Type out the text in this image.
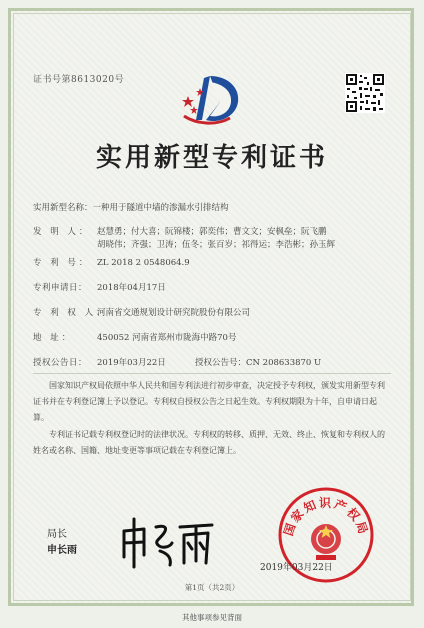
证书号第8613020号
实用新型专利证书
实用新型名称：一种用于隧道中墙的渗漏水引排结构
发 明 人： 赵慧勇；付大喜；阮锦楼；郭奕伟；曹文文；安枫垒；阮飞鹏
胡晓伟；齐强；卫涛；伍冬；张百岁；祁得运；李浩彬；孙玉辉
专 利 号： ZL 2018 2 0548064.9
专利申请日： 2018年04月17日
专 利 权 人：河南省交通规划设计研究院股份有限公司
地 址：	450052 河南省郑州市陇海中路70号
授权公告日： 2019年03月22日	授权公告号：CN 208633870 U
国家知识产权局依照中华人民共和国专利法进行初步审查，决定授予专利权，颁发实用新型专利证书并在专利登记簿上予以登记。专利权自授权公告之日起生效。专利权期限为十年，自申请日起算。
专利证书记载专利权登记时的法律状况。专利权的转移、质押、无效、终止、恢复和专利权人的姓名或名称、国籍、地址变更等事项记载在专利登记簿上。
局长
申长雨
国家知识产权局
2019年03月22日
第1页（共2页）
其他事项参见背面
